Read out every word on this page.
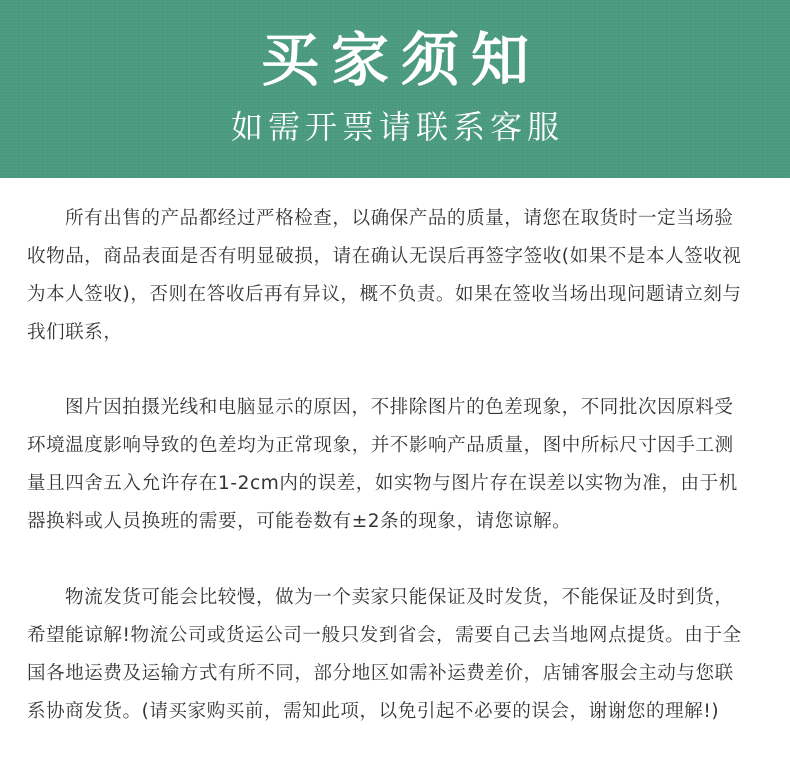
买家须知
如需开票请联系客服
所有出售的产品都经过严格检查，以确保产品的质量，请您在取货时一定当场验
收物品，商品表面是否有明显破损，请在确认无误后再签字签收(如果不是本人签收视
为本人签收)，否则在答收后再有异议，概不负责。如果在签收当场出现问题请立刻与
我们联系，
图片因拍摄光线和电脑显示的原因，不排除图片的色差现象，不同批次因原料受
环境温度影响导致的色差均为正常现象，并不影响产品质量，图中所标尺寸因手工测
量且四舍五入允许存在1-2cm内的误差，如实物与图片存在误差以实物为准，由于机
器换料或人员换班的需要，可能卷数有±2条的现象，请您谅解。
物流发货可能会比较慢，做为一个卖家只能保证及时发货，不能保证及时到货，
希望能谅解!物流公司或货运公司一般只发到省会，需要自己去当地网点提货。由于全
国各地运费及运输方式有所不同，部分地区如需补运费差价，店铺客服会主动与您联
系协商发货。(请买家购买前，需知此项，以免引起不必要的误会，谢谢您的理解!)
